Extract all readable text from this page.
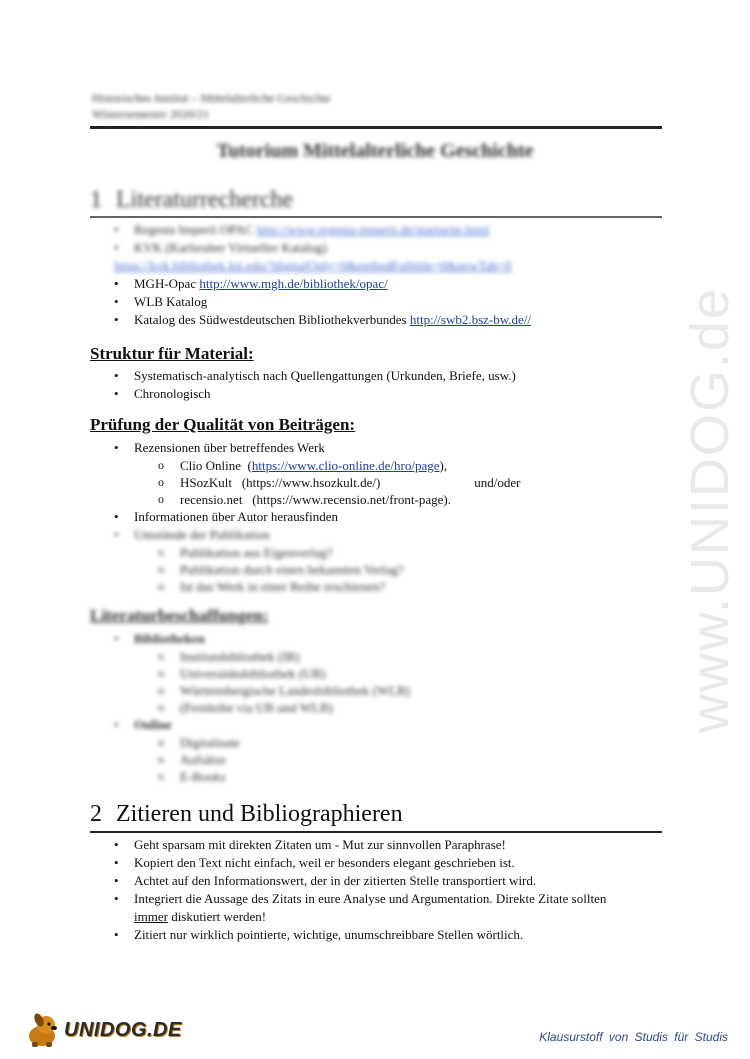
www.UNIDOG.de
Historisches Institut – Mittelalterliche Geschichte
Wintersemester 2020/21
Tutorium Mittelalterliche Geschichte
1 Literaturrecherche
• Regesta Imperii OPAC http://www.regesta-imperii.de/startseite.html
• KVK (Karlsruher Virtueller Katalog)
https://kvk.bibliothek.kit.edu/?digitalOnly=0&embedFulltitle=0&newTab=0
• MGH-Opac http://www.mgh.de/bibliothek/opac/
• WLB Katalog
• Katalog des Südwestdeutschen Bibliothekverbundes http://swb2.bsz-bw.de//
Struktur für Material:
• Systematisch-analytisch nach Quellengattungen (Urkunden, Briefe, usw.)
• Chronologisch
Prüfung der Qualität von Beiträgen:
• Rezensionen über betreffendes Werk
o Clio Online  (https://www.clio-online.de/hro/page),
o HSozKult (https://www.hsozkult.de/)	und/oder
o recensio.net (https://www.recensio.net/front-page).
• Informationen über Autor herausfinden
• Umstände der Publikation
o Publikation aus Eigenverlag?
o Publikation durch einen bekannten Verlag?
o Ist das Werk in einer Reihe erschienen?
Literaturbeschaffungen:
• Bibliotheken
o Institutsbibliothek (IB)
o Universitätsbibliothek (UB)
o Württembergische Landesbibliothek (WLB)
o (Fernleihe via UB und WLB)
• Online
o Digitalisate
o Aufsätze
o E-Books
2 Zitieren und Bibliographieren
• Geht sparsam mit direkten Zitaten um - Mut zur sinnvollen Paraphrase!
• Kopiert den Text nicht einfach, weil er besonders elegant geschrieben ist.
• Achtet auf den Informationswert, der in der zitierten Stelle transportiert wird.
• Integriert die Aussage des Zitats in eure Analyse und Argumentation. Direkte Zitate sollten
immer diskutiert werden!
• Zitiert nur wirklich pointierte, wichtige, unumschreibbare Stellen wörtlich.
UNIDOG.DE	Klausurstoff von Studis für Studis
